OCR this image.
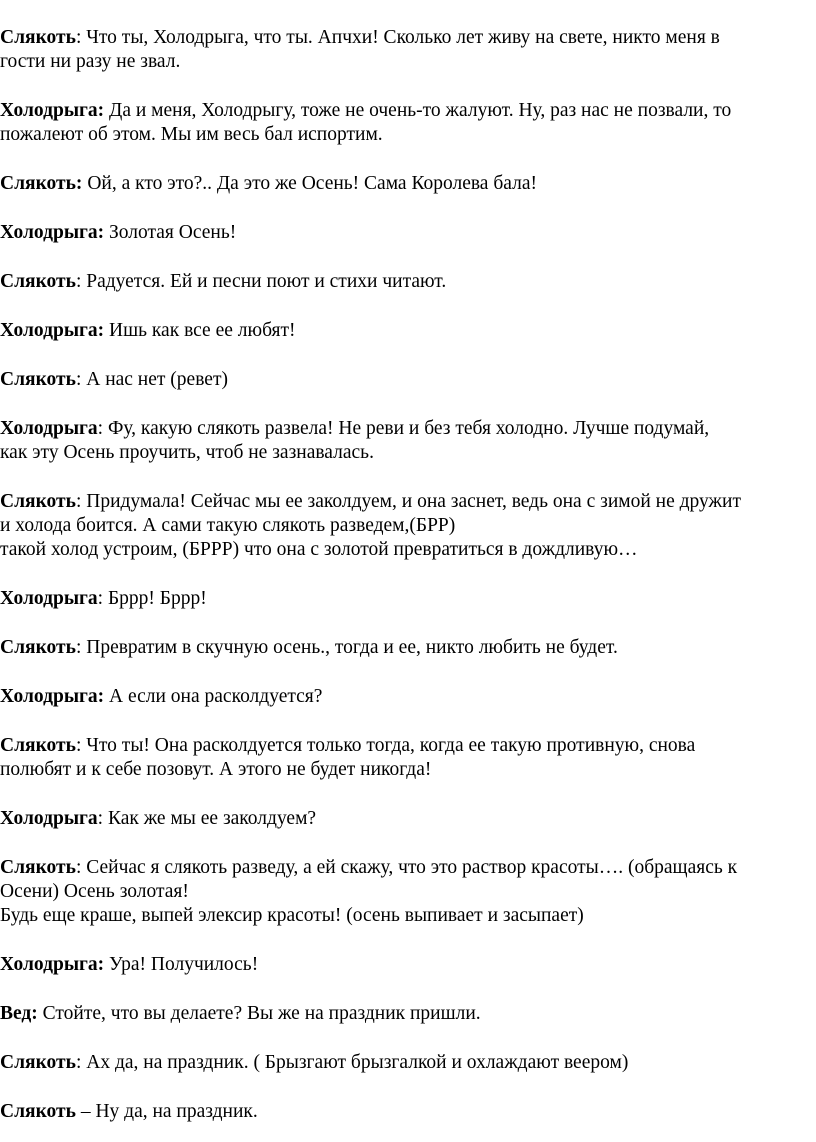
Слякоть: Что ты, Холодрыга, что ты. Апчхи! Сколько лет живу на свете, никто меня в
гости ни разу не звал.

Холодрыга: Да и меня, Холодрыгу, тоже не очень-то жалуют. Ну, раз нас не позвали, то
пожалеют об этом. Мы им весь бал испортим.

Слякоть: Ой, а кто это?.. Да это же Осень! Сама Королева бала!

Холодрыга: Золотая Осень!

Слякоть: Радуется. Ей и песни поют и стихи читают.

Холодрыга: Ишь как все ее любят!

Слякоть: А нас нет (ревет)

Холодрыга: Фу, какую слякоть развела! Не реви и без тебя холодно. Лучше подумай,
как эту Осень проучить, чтоб не зазнавалась.

Слякоть: Придумала! Сейчас мы ее заколдуем, и она заснет, ведь она с зимой не дружит
и холода боится. А сами такую слякоть разведем,(БРР)
такой холод устроим, (БРРР) что она с золотой превратиться в дождливую…

Холодрыга: Бррр! Бррр!

Слякоть: Превратим в скучную осень., тогда и ее, никто любить не будет.

Холодрыга: А если она расколдуется?

Слякоть: Что ты! Она расколдуется только тогда, когда ее такую противную, снова
полюбят и к себе позовут. А этого не будет никогда!

Холодрыга: Как же мы ее заколдуем?

Слякоть: Сейчас я слякоть разведу, а ей скажу, что это раствор красоты…. (обращаясь к
Осени) Осень золотая!
Будь еще краше, выпей элексир красоты! (осень выпивает и засыпает)

Холодрыга: Ура! Получилось!

Вед: Стойте, что вы делаете? Вы же на праздник пришли.

Слякоть: Ах да, на праздник. ( Брызгают брызгалкой и охлаждают веером)

Слякоть – Ну да, на праздник.
